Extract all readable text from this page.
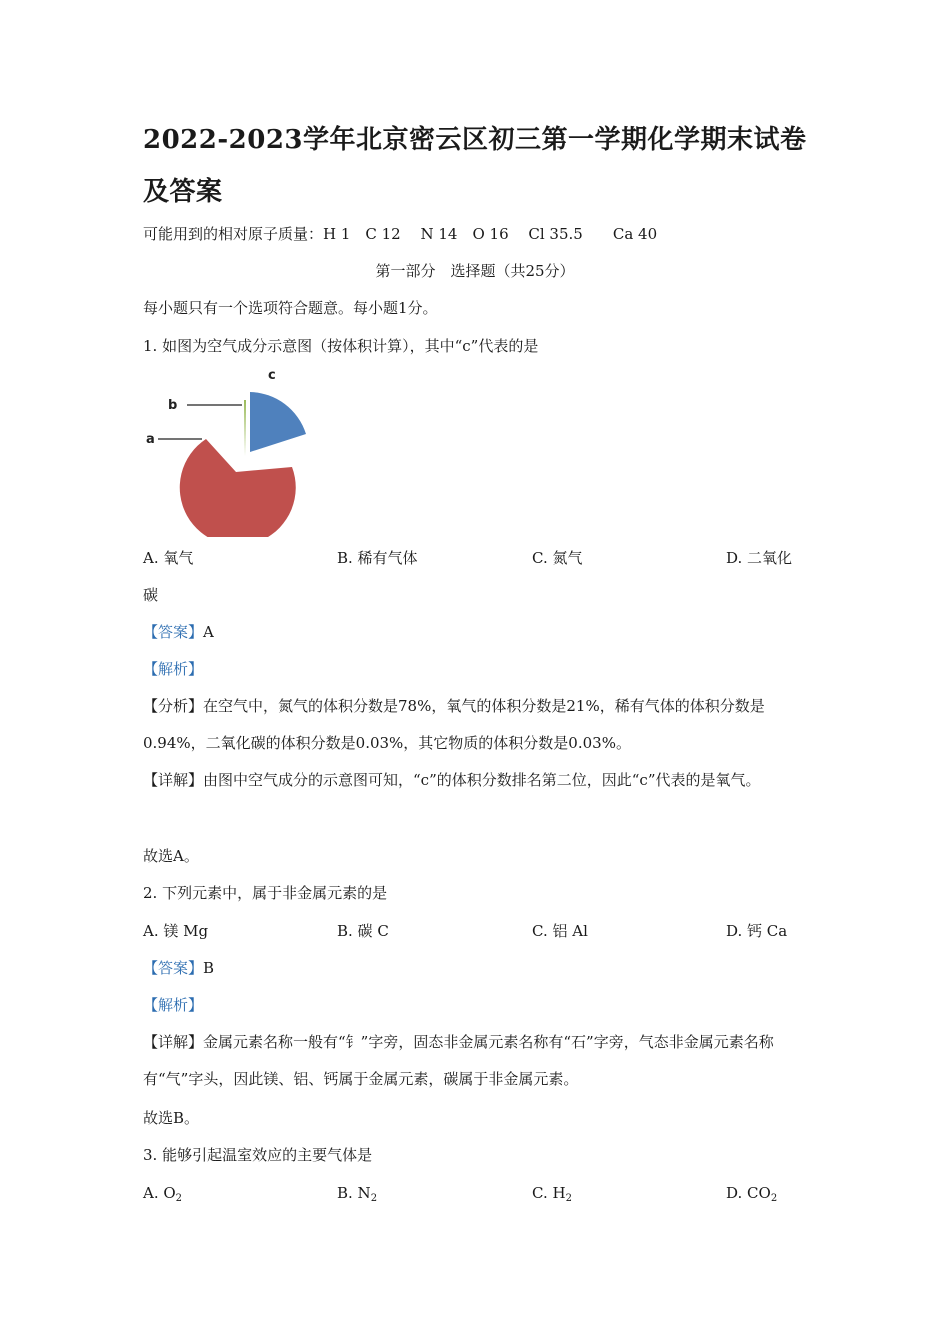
2022-2023学年北京密云区初三第一学期化学期末试卷及答案
可能用到的相对原子质量：H 1　C 12　 N 14　O 16　 Cl 35.5　　Ca 40
第一部分　选择题（共25分）
每小题只有一个选项符合题意。每小题1分。
1. 如图为空气成分示意图（按体积计算），其中“c”代表的是
a
b
c
A. 氧气	B. 稀有气体	C. 氮气	D. 二氧化
碳
【答案】A
【解析】
【分析】在空气中，氮气的体积分数是78%，氧气的体积分数是21%，稀有气体的体积分数是0.94%，二氧化碳的体积分数是0.03%，其它物质的体积分数是0.03%。
【详解】由图中空气成分的示意图可知，“c”的体积分数排名第二位，因此“c”代表的是氧气。
故选A。
2. 下列元素中，属于非金属元素的是
A. 镁 Mg	B. 碳 C	C. 铝 Al	D. 钙 Ca
【答案】B
【解析】
【详解】金属元素名称一般有“钅”字旁，固态非金属元素名称有“石”字旁，气态非金属元素名称有“气”字头，因此镁、铝、钙属于金属元素，碳属于非金属元素。
故选B。
3. 能够引起温室效应的主要气体是
A. $O_2$	B. $N_2$	C. $H_2$	D. $CO_2$
